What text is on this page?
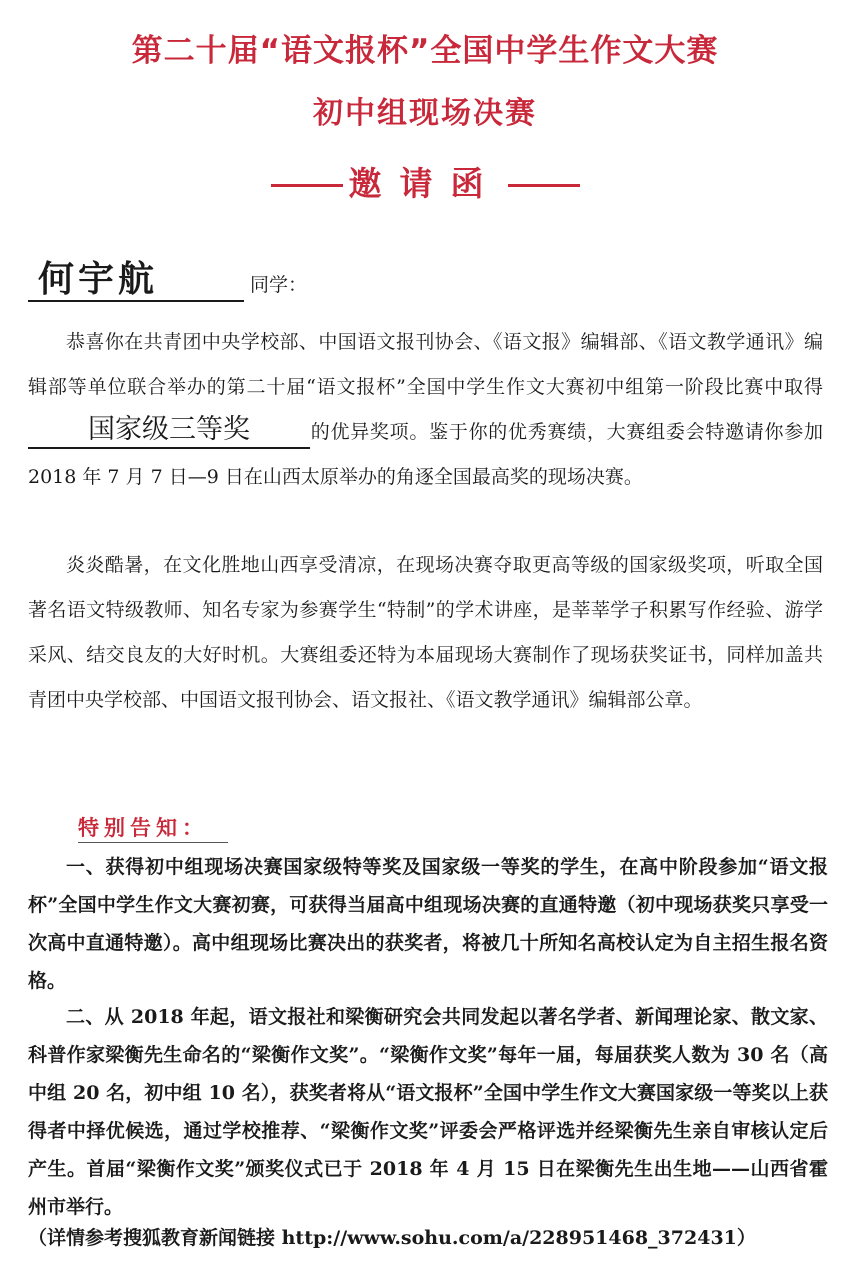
第二十届“语文报杯”全国中学生作文大赛
初中组现场决赛
邀请函
何宇航	同学：
恭喜你在共青团中央学校部、中国语文报刊协会、《语文报》编辑部、《语文教学通讯》编辑部等单位联合举办的第二十届“语文报杯”全国中学生作文大赛初中组第一阶段比赛中取得国家级三等奖	的优异奖项。鉴于你的优秀赛绩，大赛组委会特邀请你参加 2018 年 7 月 7 日—9 日在山西太原举办的角逐全国最高奖的现场决赛。
炎炎酷暑，在文化胜地山西享受清凉，在现场决赛夺取更高等级的国家级奖项，听取全国著名语文特级教师、知名专家为参赛学生“特制”的学术讲座，是莘莘学子积累写作经验、游学采风、结交良友的大好时机。大赛组委还特为本届现场大赛制作了现场获奖证书，同样加盖共青团中央学校部、中国语文报刊协会、语文报社、《语文教学通讯》编辑部公章。
特别告知：
一、获得初中组现场决赛国家级特等奖及国家级一等奖的学生，在高中阶段参加“语文报杯”全国中学生作文大赛初赛，可获得当届高中组现场决赛的直通特邀（初中现场获奖只享受一次高中直通特邀）。高中组现场比赛决出的获奖者，将被几十所知名高校认定为自主招生报名资格。
二、从 2018 年起，语文报社和梁衡研究会共同发起以著名学者、新闻理论家、散文家、科普作家梁衡先生命名的“梁衡作文奖”。“梁衡作文奖”每年一届，每届获奖人数为 30 名（高中组 20 名，初中组 10 名），获奖者将从“语文报杯”全国中学生作文大赛国家级一等奖以上获得者中择优候选，通过学校推荐、“梁衡作文奖”评委会严格评选并经梁衡先生亲自审核认定后产生。首届“梁衡作文奖”颁奖仪式已于 2018 年 4 月 15 日在梁衡先生出生地——山西省霍州市举行。
（详情参考搜狐教育新闻链接 http://www.sohu.com/a/228951468_372431）
